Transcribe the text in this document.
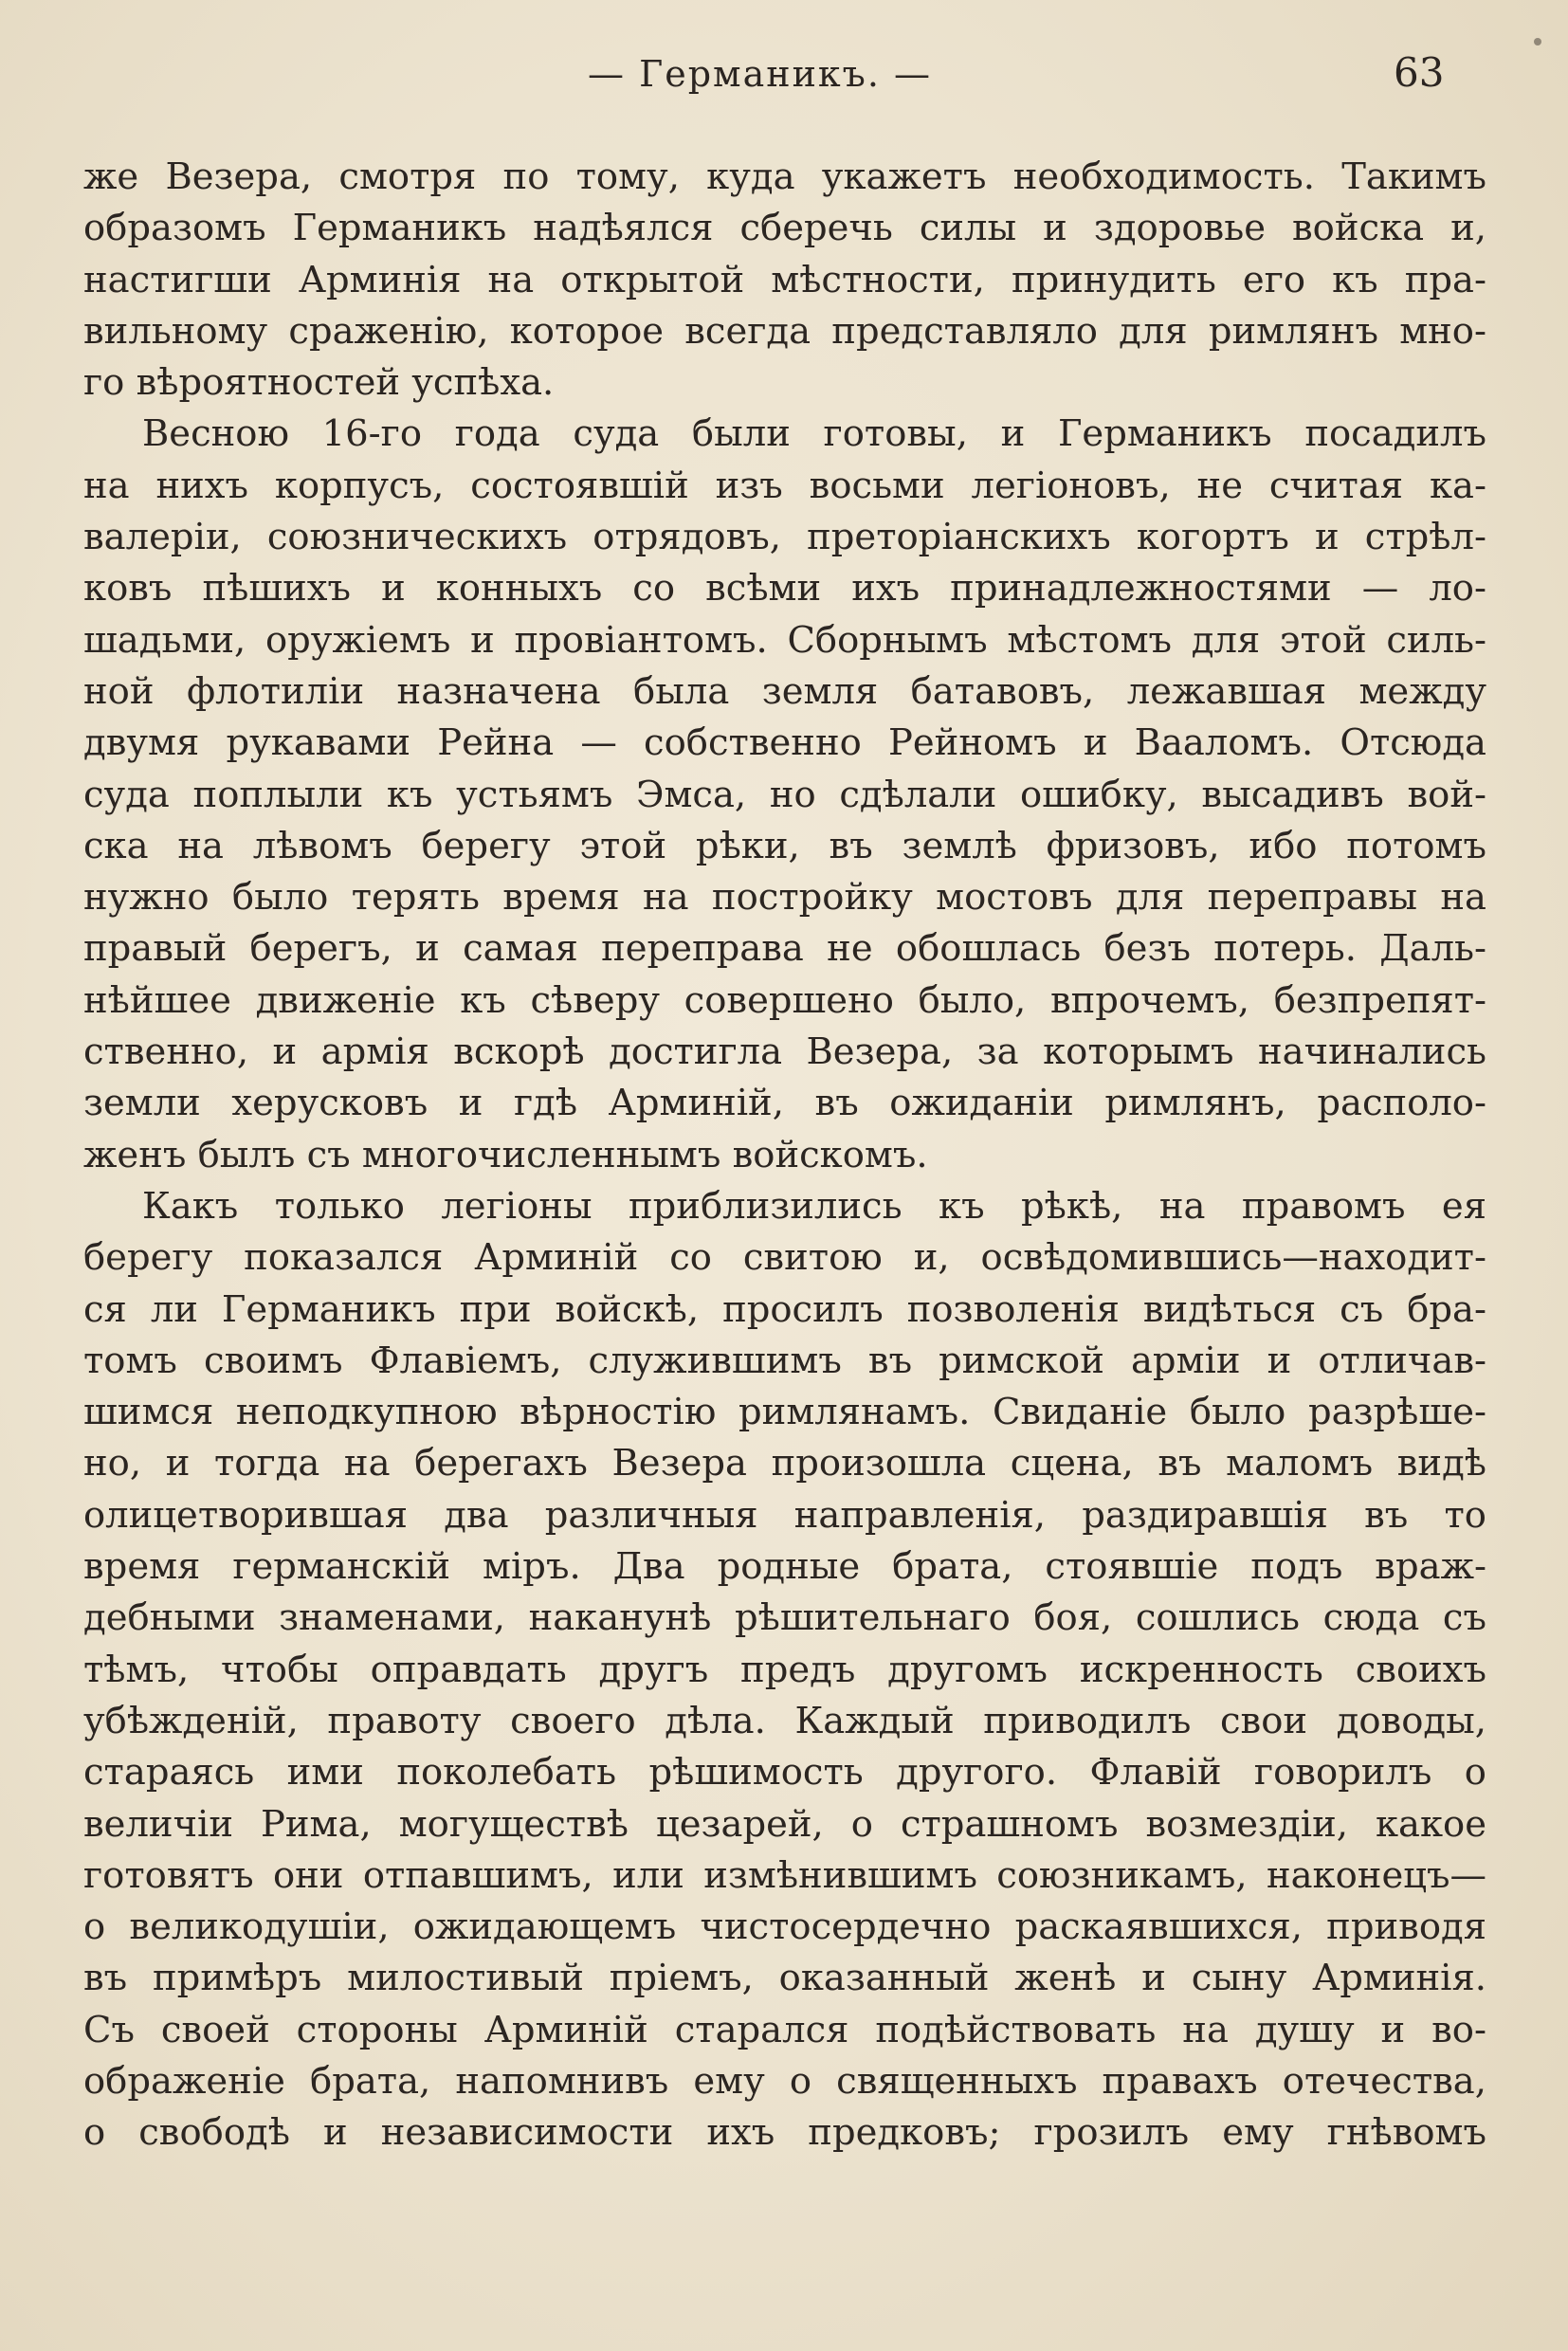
— Германикъ. —	63

же Везера, смотря по тому, куда укажетъ необходимость. Такимъ

образомъ Германикъ надѣялся сберечь силы и здоровье войска и,

настигши Арминія на открытой мѣстности, принудить его къ пра-

вильному сраженію, которое всегда представляло для римлянъ мно-

го вѣроятностей успѣха.

Весною 16-го года суда были готовы, и Германикъ посадилъ

на нихъ корпусъ, состоявшій изъ восьми легіоновъ, не считая ка-

валеріи, союзническихъ отрядовъ, преторіанскихъ когортъ и стрѣл-

ковъ пѣшихъ и конныхъ со всѣми ихъ принадлежностями — ло-

шадьми, оружіемъ и провіантомъ. Сборнымъ мѣстомъ для этой силь-

ной флотиліи назначена была земля батавовъ, лежавшая между

двумя рукавами Рейна — собственно Рейномъ и Вааломъ. Отсюда

суда поплыли къ устьямъ Эмса, но сдѣлали ошибку, высадивъ вой-

ска на лѣвомъ берегу этой рѣки, въ землѣ фризовъ, ибо потомъ

нужно было терять время на постройку мостовъ для переправы на

правый берегъ, и самая переправа не обошлась безъ потерь. Даль-

нѣйшее движеніе къ сѣверу совершено было, впрочемъ, безпрепят-

ственно, и армія вскорѣ достигла Везера, за которымъ начинались

земли херусковъ и гдѣ Арминій, въ ожиданіи римлянъ, располо-

женъ былъ съ многочисленнымъ войскомъ.

Какъ только легіоны приблизились къ рѣкѣ, на правомъ ея

берегу показался Арминій со свитою и, освѣдомившись—находит-

ся ли Германикъ при войскѣ, просилъ позволенія видѣться съ бра-

томъ своимъ Флавіемъ, служившимъ въ римской арміи и отличав-

шимся неподкупною вѣрностію римлянамъ. Свиданіе было разрѣше-

но, и тогда на берегахъ Везера произошла сцена, въ маломъ видѣ

олицетворившая два различныя направленія, раздиравшія въ то

время германскій міръ. Два родные брата, стоявшіе подъ враж-

дебными знаменами, наканунѣ рѣшительнаго боя, сошлись сюда съ

тѣмъ, чтобы оправдать другъ предъ другомъ искренность своихъ

убѣжденій, правоту своего дѣла. Каждый приводилъ свои доводы,

стараясь ими поколебать рѣшимость другого. Флавій говорилъ о

величіи Рима, могуществѣ цезарей, о страшномъ возмездіи, какое

готовятъ они отпавшимъ, или измѣнившимъ союзникамъ, наконецъ—

о великодушіи, ожидающемъ чистосердечно раскаявшихся, приводя

въ примѣръ милостивый пріемъ, оказанный женѣ и сыну Арминія.

Съ своей стороны Арминій старался подѣйствовать на душу и во-

ображеніе брата, напомнивъ ему о священныхъ правахъ отечества,

о свободѣ и независимости ихъ предковъ; грозилъ ему гнѣвомъ
